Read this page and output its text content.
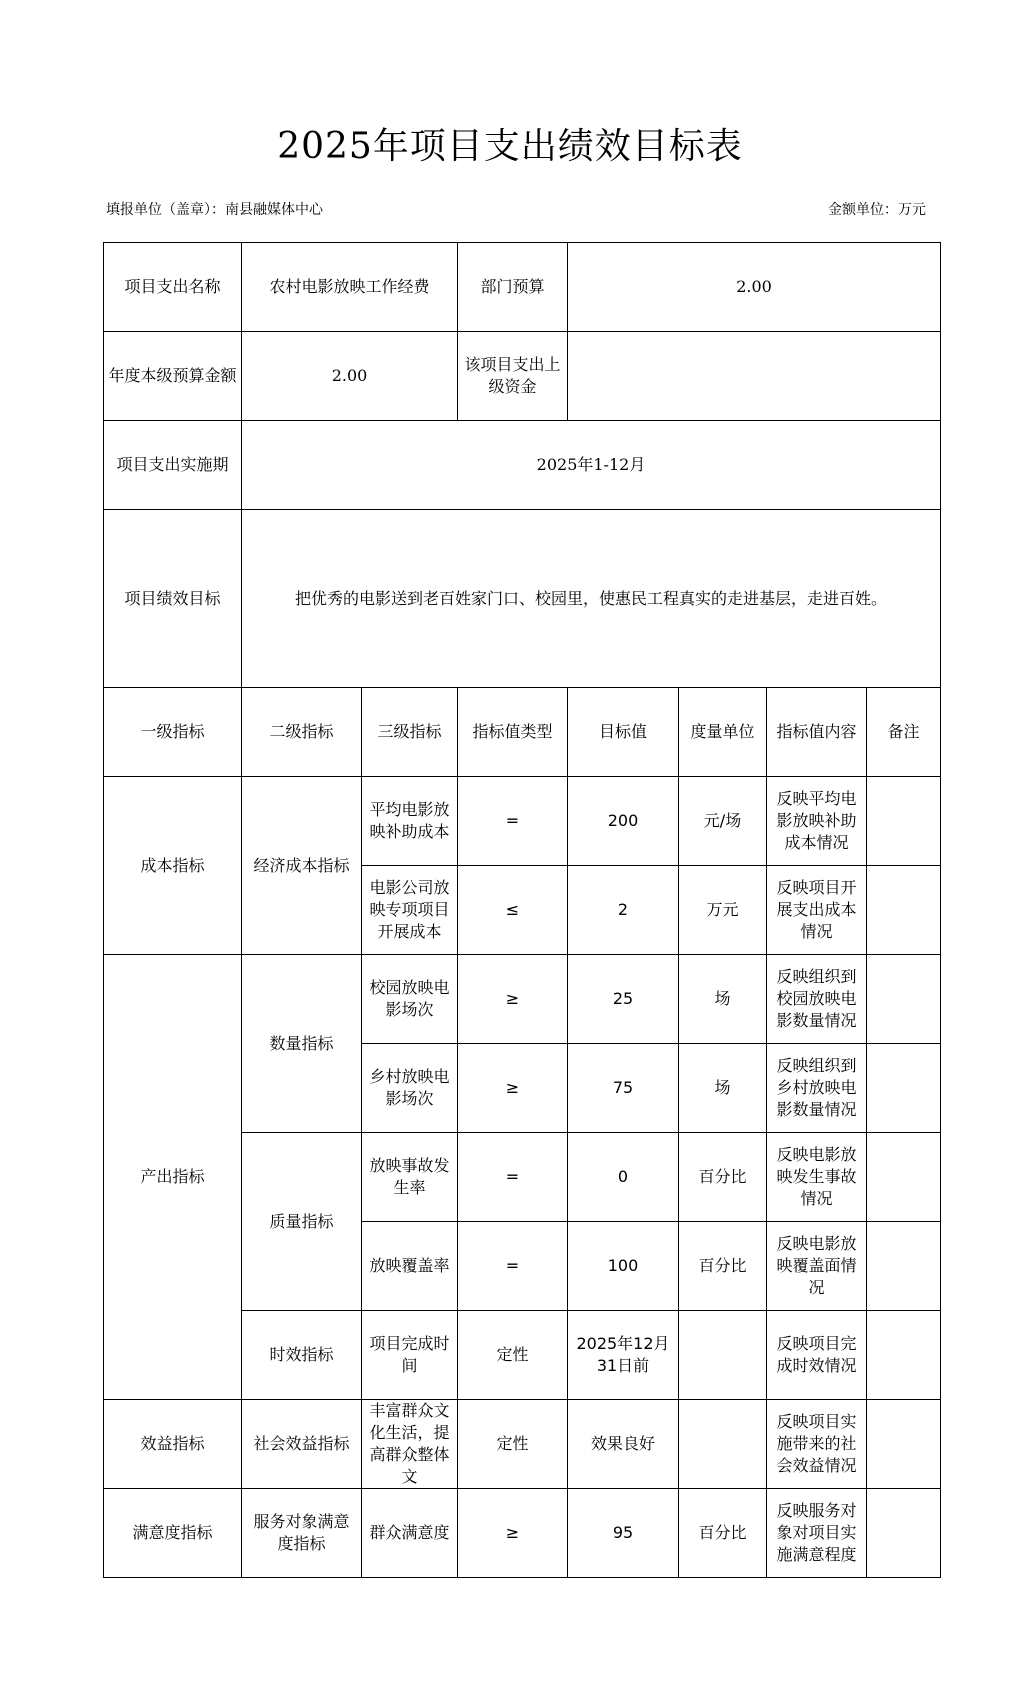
2025年项目支出绩效目标表
填报单位（盖章）：南县融媒体中心	金额单位：万元
项目支出名称	农村电影放映工作经费		部门预算	2.00			
年度本级预算金额	2.00		该项目支出上级资金				
项目支出实施期	2025年1-12月						
项目绩效目标	把优秀的电影送到老百姓家门口、校园里，使惠民工程真实的走进基层，走进百姓。						
一级指标	二级指标	三级指标	指标值类型	目标值	度量单位	指标值内容	备注
成本指标	经济成本指标	平均电影放映补助成本	=	200	元/场	反映平均电影放映补助成本情况	
		电影公司放映专项项目开展成本	≤	2	万元	反映项目开展支出成本情况	
产出指标	数量指标	校园放映电影场次	≥	25	场	反映组织到校园放映电影数量情况	
		乡村放映电影场次	≥	75	场	反映组织到乡村放映电影数量情况	
	质量指标	放映事故发生率	=	0	百分比	反映电影放映发生事故情况	
		放映覆盖率	=	100	百分比	反映电影放映覆盖面情况	
	时效指标	项目完成时间	定性	2025年12月31日前		反映项目完成时效情况	
效益指标	社会效益指标	丰富群众文化生活，提高群众整体文	定性	效果良好		反映项目实施带来的社会效益情况	
满意度指标	服务对象满意度指标	群众满意度	≥	95	百分比	反映服务对象对项目实施满意程度	
